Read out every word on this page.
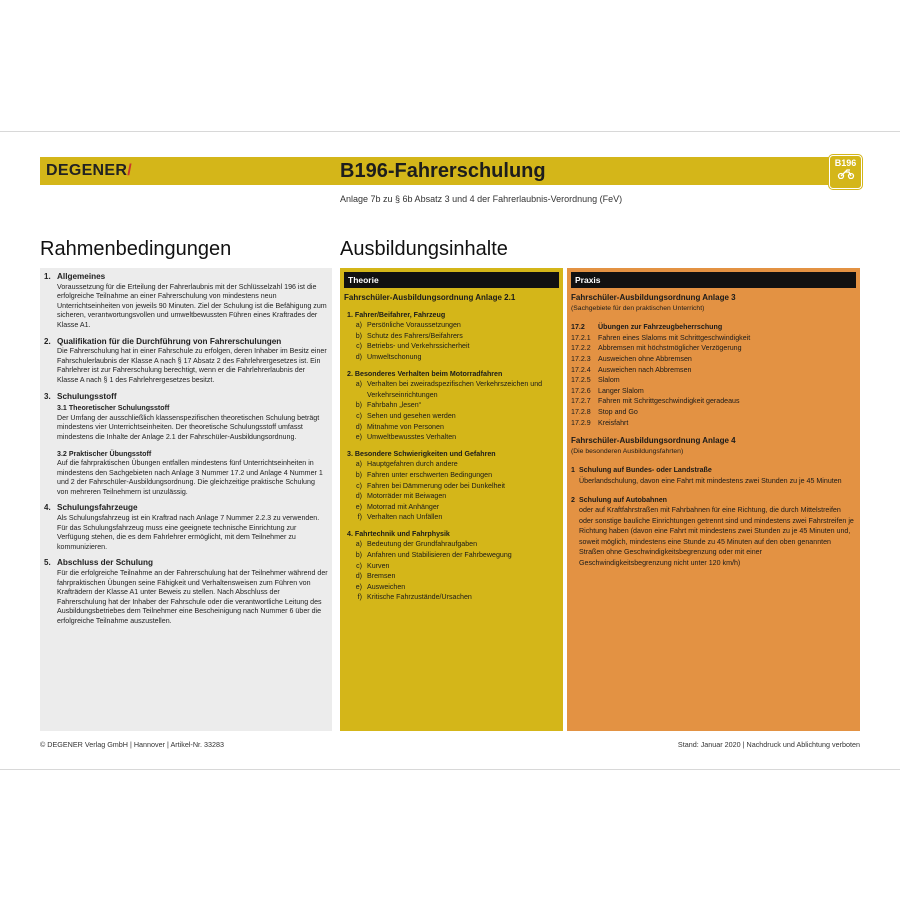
DEGENER/	B196-Fahrerschulung	B196
Anlage 7b zu § 6b Absatz 3 und 4 der Fahrerlaubnis-Verordnung (FeV)
Rahmenbedingungen	Ausbildungsinhalte
1. Allgemeines
Voraussetzung für die Erteilung der Fahrerlaubnis mit der Schlüsselzahl 196 ist die erfolgreiche Teilnahme an einer Fahrerschulung von mindestens neun Unterrichtseinheiten von jeweils 90 Minuten. Ziel der Schulung ist die Befähigung zum sicheren, verantwortungsvollen und umweltbewussten Führen eines Kraftrades der Klasse A1.
2. Qualifikation für die Durchführung von Fahrerschulungen
Die Fahrerschulung hat in einer Fahrschule zu erfolgen, deren Inhaber im Besitz einer Fahrschulerlaubnis der Klasse A nach § 17 Absatz 2 des Fahrlehrergesetzes ist. Ein Fahrlehrer ist zur Fahrerschulung berechtigt, wenn er die Fahrlehrerlaubnis der Klasse A nach § 1 des Fahrlehrergesetzes besitzt.
3. Schulungsstoff
3.1 Theoretischer Schulungsstoff
Der Umfang der ausschließlich klassenspezifischen theoretischen Schulung beträgt mindestens vier Unterrichtseinheiten. Der theoretische Schulungsstoff umfasst mindestens die Inhalte der Anlage 2.1 der Fahrschüler-Ausbildungsordnung.
3.2 Praktischer Übungsstoff
Auf die fahrpraktischen Übungen entfallen mindestens fünf Unterrichtseinheiten in mindestens den Sachgebieten nach Anlage 3 Nummer 17.2 und Anlage 4 Nummer 1 und 2 der Fahrschüler-Ausbildungsordnung. Die gleichzeitige praktische Schulung von mehreren Teilnehmern ist unzulässig.
4. Schulungsfahrzeuge
Als Schulungsfahrzeug ist ein Kraftrad nach Anlage 7 Nummer 2.2.3 zu verwenden. Für das Schulungsfahrzeug muss eine geeignete technische Einrichtung zur Verfügung stehen, die es dem Fahrlehrer ermöglicht, mit dem Teilnehmer zu kommunizieren.
5. Abschluss der Schulung
Für die erfolgreiche Teilnahme an der Fahrerschulung hat der Teilnehmer während der fahrpraktischen Übungen seine Fähigkeit und Verhaltensweisen zum Führen von Krafträdern der Klasse A1 unter Beweis zu stellen. Nach Abschluss der Fahrerschulung hat der Inhaber der Fahrschule oder die verantwortliche Leitung des Ausbildungsbetriebes dem Teilnehmer eine Bescheinigung nach Nummer 6 über die erfolgreiche Teilnahme auszustellen.
Theorie
Fahrschüler-Ausbildungsordnung Anlage 2.1
1. Fahrer/Beifahrer, Fahrzeug
a) Persönliche Voraussetzungen
b) Schutz des Fahrers/Beifahrers
c) Betriebs- und Verkehrssicherheit
d) Umweltschonung
2. Besonderes Verhalten beim Motorradfahren
a) Verhalten bei zweiradspezifischen Verkehrszeichen und Verkehrseinrichtungen
b) Fahrbahn „lesen“
c) Sehen und gesehen werden
d) Mitnahme von Personen
e) Umweltbewusstes Verhalten
3. Besondere Schwierigkeiten und Gefahren
a) Hauptgefahren durch andere
b) Fahren unter erschwerten Bedingungen
c) Fahren bei Dämmerung oder bei Dunkelheit
d) Motorräder mit Beiwagen
e) Motorrad mit Anhänger
f) Verhalten nach Unfällen
4. Fahrtechnik und Fahrphysik
a) Bedeutung der Grundfahraufgaben
b) Anfahren und Stabilisieren der Fahrbewegung
c) Kurven
d) Bremsen
e) Ausweichen
f) Kritische Fahrzustände/Ursachen
Praxis
Fahrschüler-Ausbildungsordnung Anlage 3
(Sachgebiete für den praktischen Unterricht)
17.2	Übungen zur Fahrzeugbeherrschung
17.2.1	Fahren eines Slaloms mit Schrittgeschwindigkeit
17.2.2	Abbremsen mit höchstmöglicher Verzögerung
17.2.3	Ausweichen ohne Abbremsen
17.2.4	Ausweichen nach Abbremsen
17.2.5	Slalom
17.2.6	Langer Slalom
17.2.7	Fahren mit Schrittgeschwindigkeit geradeaus
17.2.8	Stop and Go
17.2.9	Kreisfahrt
Fahrschüler-Ausbildungsordnung Anlage 4
(Die besonderen Ausbildungsfahrten)
1 Schulung auf Bundes- oder Landstraße
Überlandschulung, davon eine Fahrt mit mindestens zwei Stunden zu je 45 Minuten
2 Schulung auf Autobahnen
oder auf Kraftfahrstraßen mit Fahrbahnen für eine Richtung, die durch Mittelstreifen oder sonstige bauliche Einrichtungen getrennt sind und mindestens zwei Fahrstreifen je Richtung haben (davon eine Fahrt mit mindestens zwei Stunden zu je 45 Minuten und, soweit möglich, mindestens eine Stunde zu 45 Minuten auf den oben genannten Straßen ohne Geschwindigkeitsbegrenzung oder mit einer Geschwindigkeitsbegrenzung nicht unter 120 km/h)
© DEGENER Verlag GmbH | Hannover | Artikel-Nr. 33283	Stand: Januar 2020 | Nachdruck und Ablichtung verboten
